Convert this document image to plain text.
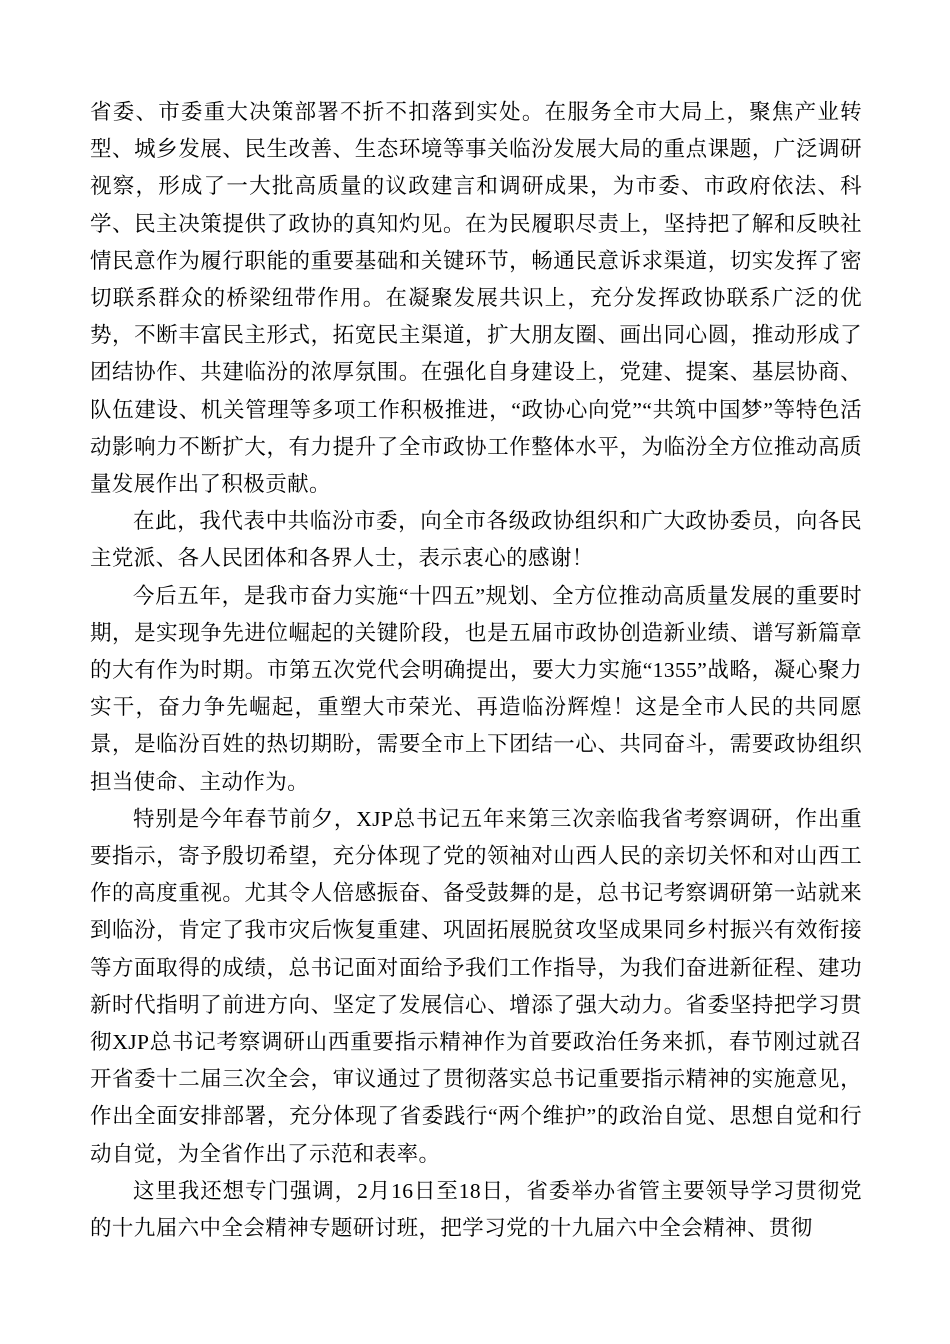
省委、市委重大决策部署不折不扣落到实处。在服务全市大局上，聚焦产业转型、城乡发展、民生改善、生态环境等事关临汾发展大局的重点课题，广泛调研视察，形成了一大批高质量的议政建言和调研成果，为市委、市政府依法、科学、民主决策提供了政协的真知灼见。在为民履职尽责上，坚持把了解和反映社情民意作为履行职能的重要基础和关键环节，畅通民意诉求渠道，切实发挥了密切联系群众的桥梁纽带作用。在凝聚发展共识上，充分发挥政协联系广泛的优势，不断丰富民主形式，拓宽民主渠道，扩大朋友圈、画出同心圆，推动形成了团结协作、共建临汾的浓厚氛围。在强化自身建设上，党建、提案、基层协商、队伍建设、机关管理等多项工作积极推进，“政协心向党”“共筑中国梦”等特色活动影响力不断扩大，有力提升了全市政协工作整体水平，为临汾全方位推动高质量发展作出了积极贡献。

在此，我代表中共临汾市委，向全市各级政协组织和广大政协委员，向各民主党派、各人民团体和各界人士，表示衷心的感谢！

今后五年，是我市奋力实施“十四五”规划、全方位推动高质量发展的重要时期，是实现争先进位崛起的关键阶段，也是五届市政协创造新业绩、谱写新篇章的大有作为时期。市第五次党代会明确提出，要大力实施“1355”战略，凝心聚力实干，奋力争先崛起，重塑大市荣光、再造临汾辉煌！这是全市人民的共同愿景，是临汾百姓的热切期盼，需要全市上下团结一心、共同奋斗，需要政协组织担当使命、主动作为。

特别是今年春节前夕，XJP总书记五年来第三次亲临我省考察调研，作出重要指示，寄予殷切希望，充分体现了党的领袖对山西人民的亲切关怀和对山西工作的高度重视。尤其令人倍感振奋、备受鼓舞的是，总书记考察调研第一站就来到临汾，肯定了我市灾后恢复重建、巩固拓展脱贫攻坚成果同乡村振兴有效衔接等方面取得的成绩，总书记面对面给予我们工作指导，为我们奋进新征程、建功新时代指明了前进方向、坚定了发展信心、增添了强大动力。省委坚持把学习贯彻XJP总书记考察调研山西重要指示精神作为首要政治任务来抓，春节刚过就召开省委十二届三次全会，审议通过了贯彻落实总书记重要指示精神的实施意见，作出全面安排部署，充分体现了省委践行“两个维护”的政治自觉、思想自觉和行动自觉，为全省作出了示范和表率。

这里我还想专门强调，2月16日至18日，省委举办省管主要领导学习贯彻党的十九届六中全会精神专题研讨班，把学习党的十九届六中全会精神、贯彻
